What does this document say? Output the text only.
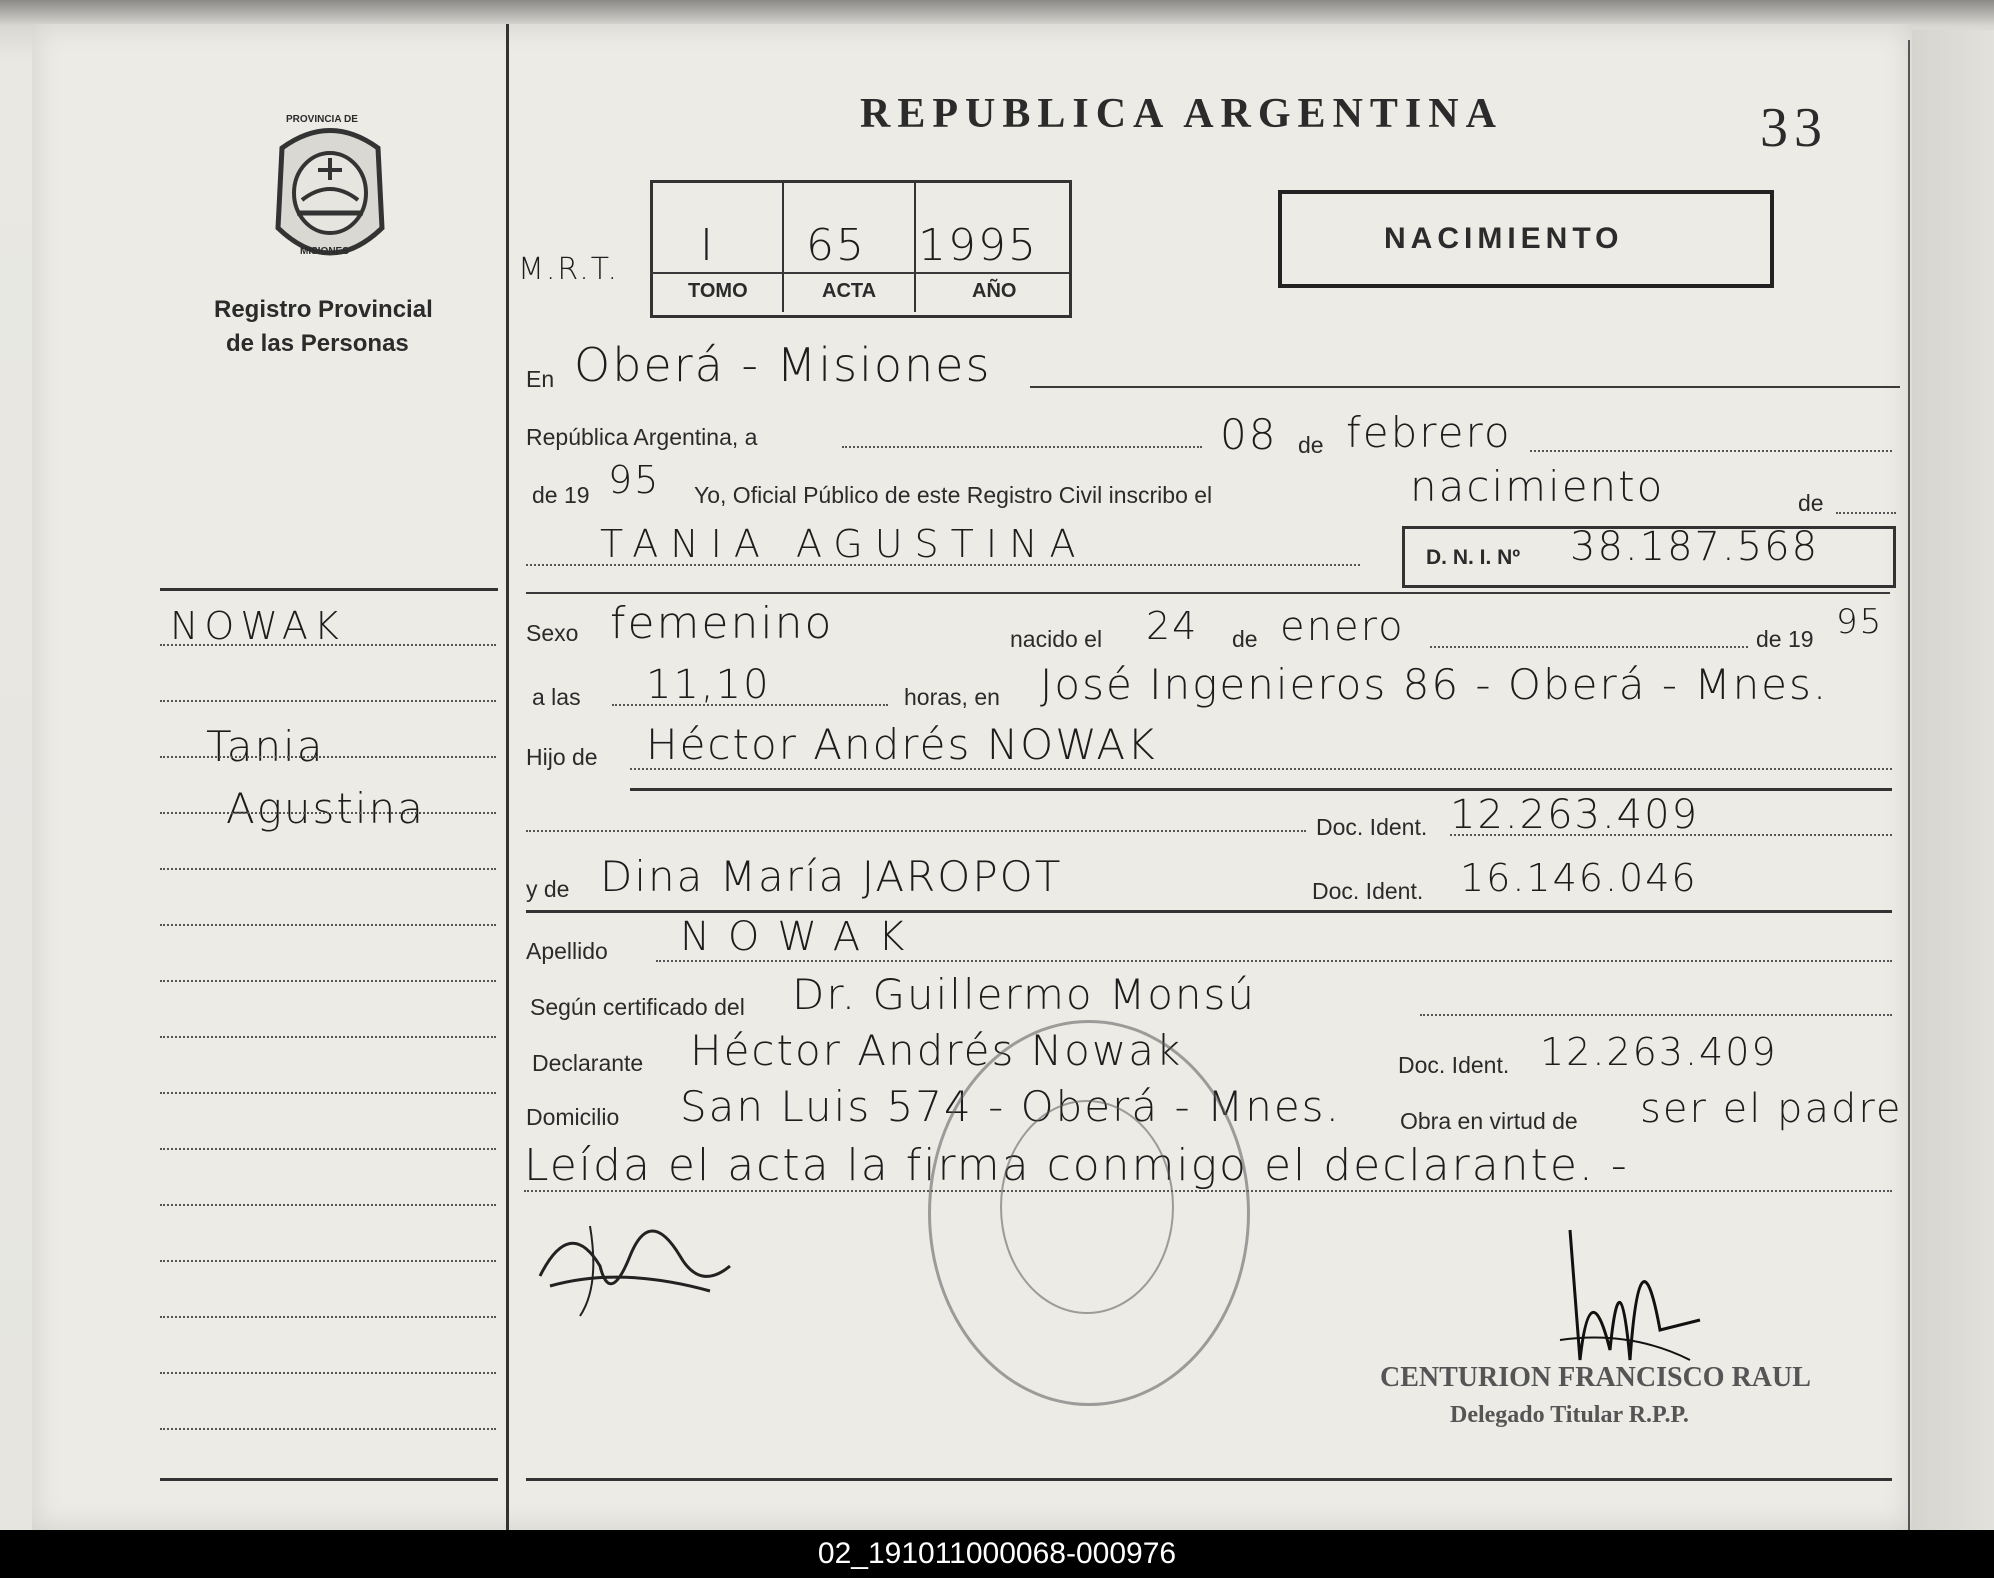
PROVINCIA DE
MISIONES
Registro Provincial
de las Personas
REPUBLICA ARGENTINA	33
NACIMIENTO
M.R.T.
TOMO	ACTA	AÑO
I 65 1995
En Oberá - Misiones
República Argentina, a	08 de febrero
de 19 95 Yo, Oficial Público de este Registro Civil inscribo el	nacimiento	de
TANIA AGUSTINA	D. N. I. Nº 38.187.568
Sexo femenino	nacido el 24 de enero	de 19 95
a las 11,10	horas, en José Ingenieros 86 - Oberá - Mnes.
Hijo de Héctor Andrés NOWAK
Doc. Ident. 12.263.409
y de Dina María JAROPOT	Doc. Ident. 16.146.046
Apellido NOWAK
Según certificado del Dr. Guillermo Monsú
Declarante Héctor Andrés Nowak	Doc. Ident. 12.263.409
Domicilio San Luis 574 - Oberá - Mnes.	Obra en virtud de ser el padre
Leída el acta la firma conmigo el declarante. -
CENTURION FRANCISCO RAUL
Delegado Titular R.P.P.
NOWAK
Tania
Agustina
02_191011000068-000976
